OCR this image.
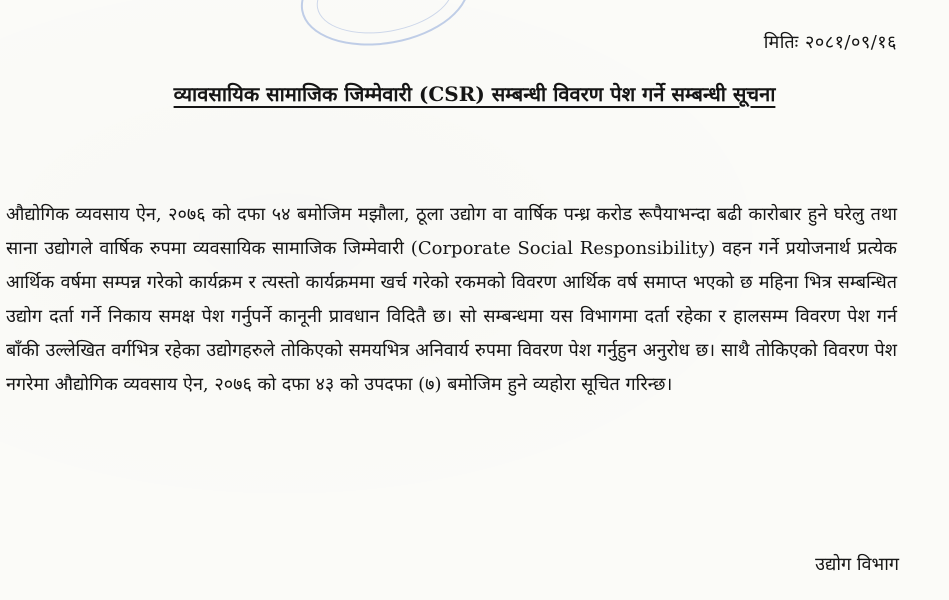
मितिः २०८१/०९/१६
व्यावसायिक सामाजिक जिम्मेवारी (CSR) सम्बन्धी विवरण पेश गर्ने सम्बन्धी सूचना

औद्योगिक व्यवसाय ऐन, २०७६ को दफा ५४ बमोजिम मझौला, ठूला उद्योग वा वार्षिक पन्ध्र करोड रूपैयाभन्दा बढी कारोबार हुने घरेलु तथा साना उद्योगले वार्षिक रुपमा व्यवसायिक सामाजिक जिम्मेवारी (Corporate Social Responsibility) वहन गर्ने प्रयोजनार्थ प्रत्येक आर्थिक वर्षमा सम्पन्न गरेको कार्यक्रम र त्यस्तो कार्यक्रममा खर्च गरेको रकमको विवरण आर्थिक वर्ष समाप्त भएको छ महिना भित्र सम्बन्धित उद्योग दर्ता गर्ने निकाय समक्ष पेश गर्नुपर्ने कानूनी प्रावधान विदितै छ। सो सम्बन्धमा यस विभागमा दर्ता रहेका र हालसम्म विवरण पेश गर्न बाँकी उल्लेखित वर्गभित्र रहेका उद्योगहरुले तोकिएको समयभित्र अनिवार्य रुपमा विवरण पेश गर्नुहुन अनुरोध छ। साथै तोकिएको विवरण पेश नगरेमा औद्योगिक व्यवसाय ऐन, २०७६ को दफा ४३ को उपदफा (७) बमोजिम हुने व्यहोरा सूचित गरिन्छ।

उद्योग विभाग
